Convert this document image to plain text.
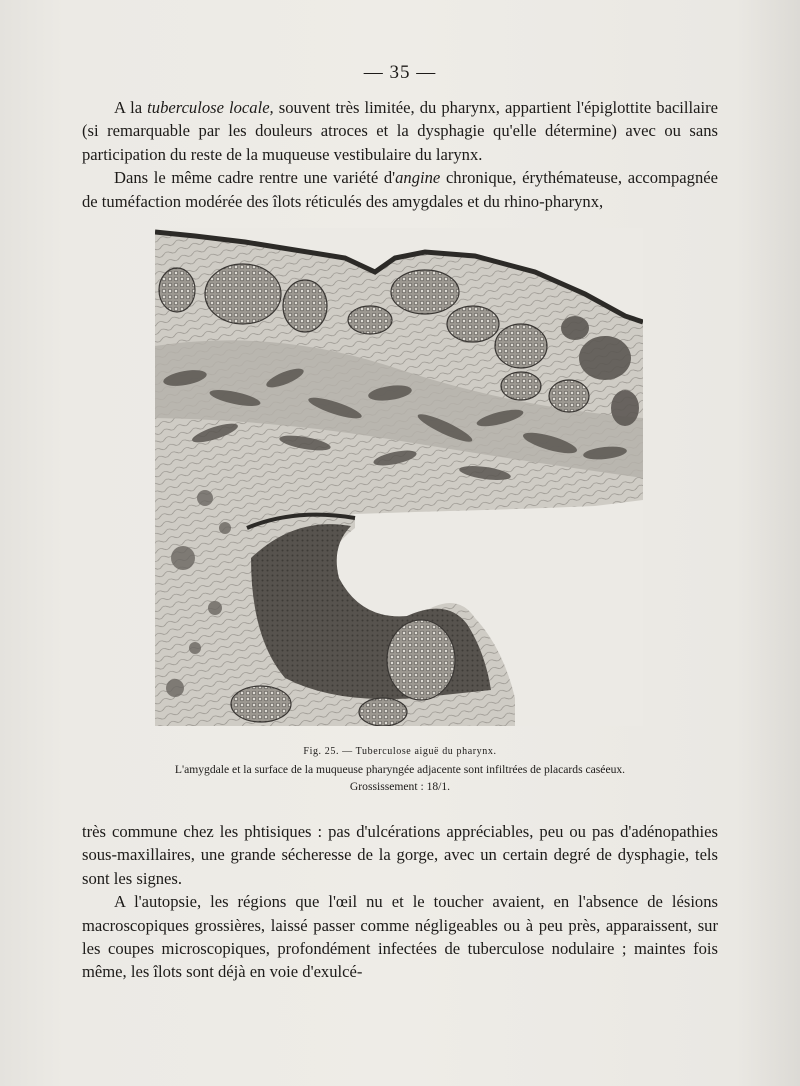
— 35 —

A la tuberculose locale, souvent très limitée, du pharynx, appartient l'épiglottite bacillaire (si remarquable par les douleurs atroces et la dysphagie qu'elle détermine) avec ou sans participation du reste de la muqueuse vestibulaire du larynx.

Dans le même cadre rentre une variété d'angine chronique, érythémateuse, accompagnée de tuméfaction modérée des îlots réticulés des amygdales et du rhino-pharynx,

Fig. 25. — Tuberculose aiguë du pharynx.
L'amygdale et la surface de la muqueuse pharyngée adjacente sont infiltrées de placards caséeux.
Grossissement : 18/1.

très commune chez les phtisiques : pas d'ulcérations appréciables, peu ou pas d'adénopathies sous-maxillaires, une grande sécheresse de la gorge, avec un certain degré de dysphagie, tels sont les signes.

A l'autopsie, les régions que l'œil nu et le toucher avaient, en l'absence de lésions macroscopiques grossières, laissé passer comme négligeables ou à peu près, apparaissent, sur les coupes microscopiques, profondément infectées de tuberculose nodulaire ; maintes fois même, les îlots sont déjà en voie d'exulcé-
